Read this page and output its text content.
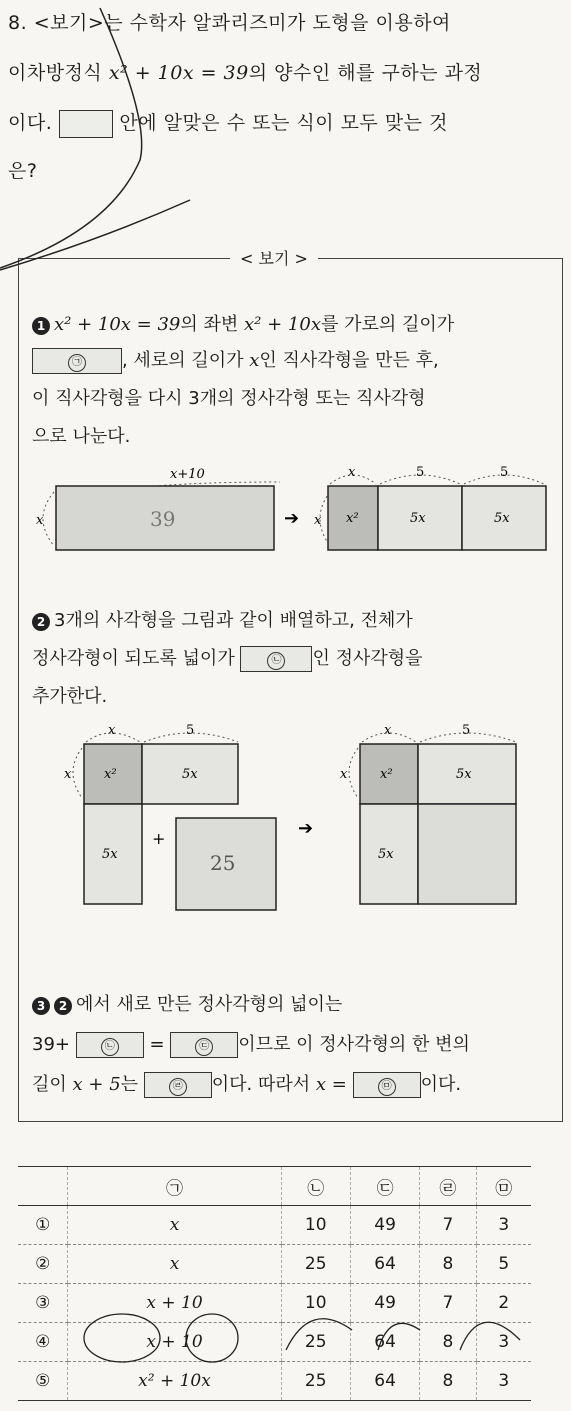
8. <보기>는 수학자 알콰리즈미가 도형을 이용하여
이차방정식 x² + 10x = 39의 양수인 해를 구하는 과정
이다.	안에 알맞은 수 또는 식이 모두 맞는 것
은?
< 보기 >
1 x² + 10x = 39의 좌변 x² + 10x를 가로의 길이가
㉠ , 세로의 길이가 x인 직사각형을 만든 후,
이 직사각형을 다시 3개의 정사각형 또는 직사각형
으로 나눈다.
x+10
x	39	➔ x x²	5x	5x
x	5	5
2 3개의 사각형을 그림과 같이 배열하고, 전체가
정사각형이 되도록 넓이가	㉡ 인 정사각형을
추가한다.
x	5
x	x²	5x
5x
+
25
➔
x	5
x	x²	5x
5x
3 2 에서 새로 만든 정사각형의 넓이는
39+	㉡ =	㉢ 이므로 이 정사각형의 한 변의
길이 x + 5는	㉣ 이다. 따라서 x =	㉤ 이다.
	㉠	㉡	㉢	㉣	㉤
①	x	10	49	7	3
②	x	25	64	8	5
③	x + 10	10	49	7	2
④	x + 10	25	64	8	3
⑤	x² + 10x	25	64	8	3
